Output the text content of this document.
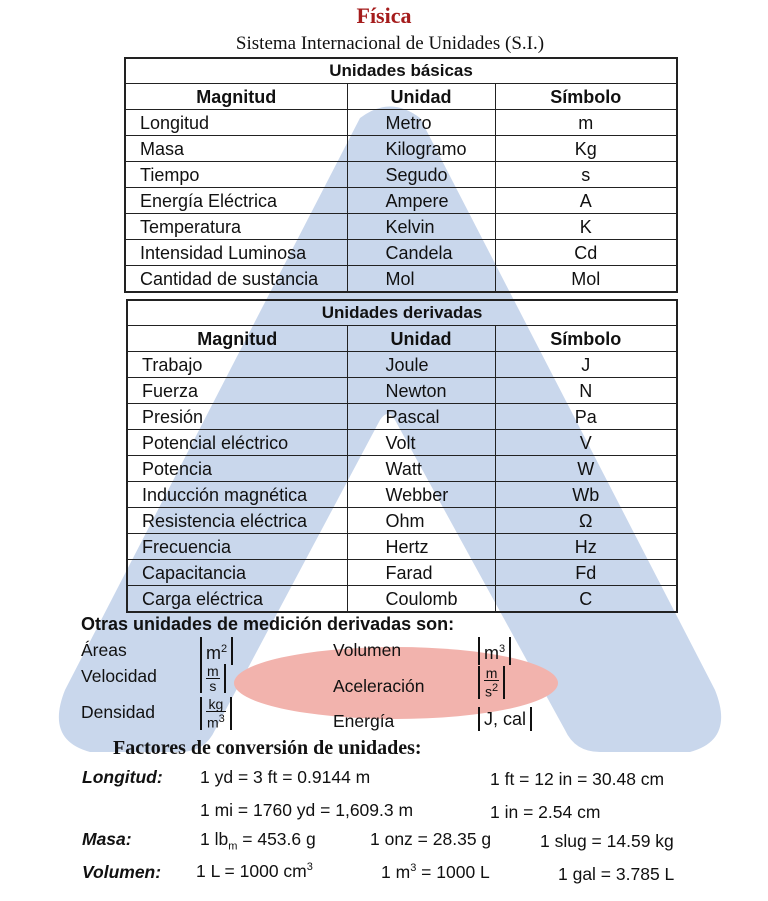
Física
Sistema Internacional de Unidades (S.I.)
Unidades básicas		
Magnitud	Unidad	Símbolo
Longitud	Metro	m
Masa	Kilogramo	Kg
Tiempo	Segudo	s
Energía Eléctrica	Ampere	A
Temperatura	Kelvin	K
Intensidad Luminosa	Candela	Cd
Cantidad de sustancia	Mol	Mol
Unidades derivadas		
Magnitud	Unidad	Símbolo
Trabajo	Joule	J
Fuerza	Newton	N
Presión	Pascal	Pa
Potencial eléctrico	Volt	V
Potencia	Watt	W
Inducción magnética	Webber	Wb
Resistencia eléctrica	Ohm	Ω
Frecuencia	Hertz	Hz
Capacitancia	Farad	Fd
Carga eléctrica	Coulomb	C
Otras unidades de medición derivadas son:
Áreas	$m^2$	Volumen	$m^3$
Velocidad	$\frac{m}{s}$	Aceleración	$\frac{m}{s^2}$
Densidad	$\frac{kg}{m^3}$	Energía	J, cal
Factores de conversión de unidades:
Longitud: 1 yd = 3 ft = 0.9144 m	1 ft = 12 in = 30.48 cm
1 mi = 1760 yd = 1,609.3 m	1 in = 2.54 cm
Masa:	1 $lb_m = 453.6$ g	1 onz = 28.35 g	1 slug = 14.59 kg
Volumen: 1 L = 1000 $cm^3$	1 $m^3 = 1000$ L	1 gal = 3.785 L
